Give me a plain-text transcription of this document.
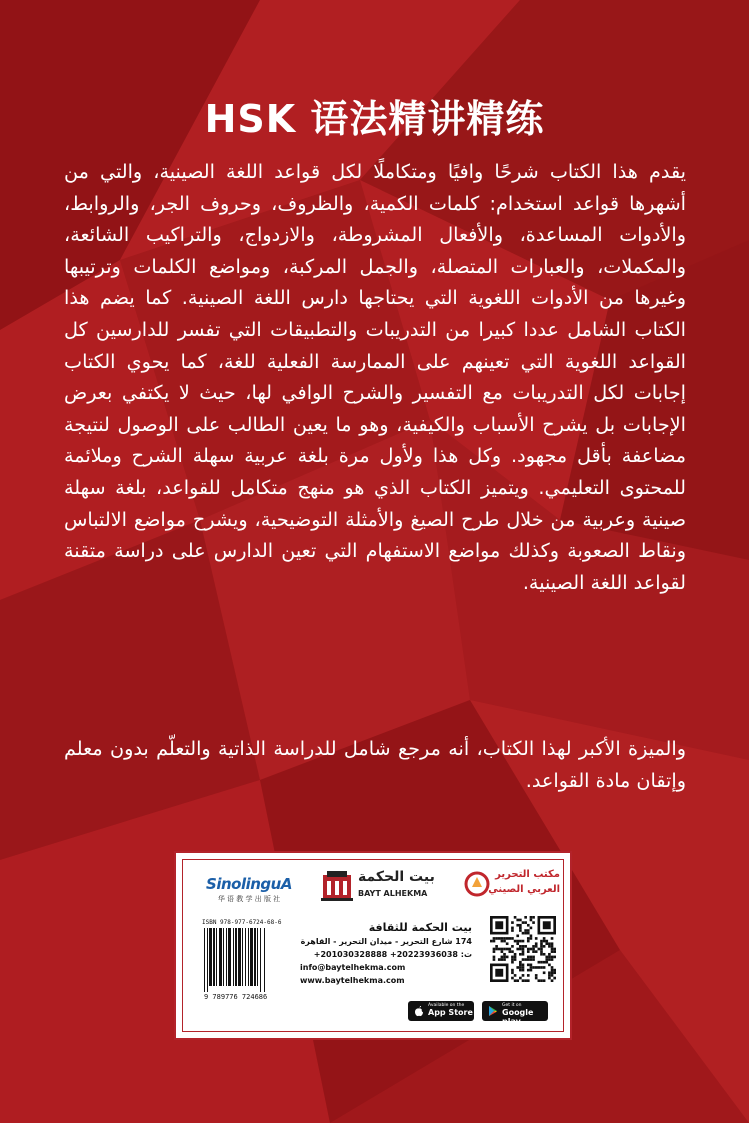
HSK 语法精讲精练
يقدم هذا الكتاب شرحًا وافيًا ومتكاملًا لكل قواعد اللغة الصينية، والتي من أشهرها قواعد استخدام: كلمات الكمية، والظروف، وحروف الجر، والروابط، والأدوات المساعدة، والأفعال المشروطة، والازدواج، والتراكيب الشائعة، والمكملات، والعبارات المتصلة، والجمل المركبة، ومواضع الكلمات وترتيبها وغيرها من الأدوات اللغوية التي يحتاجها دارس اللغة الصينية. كما يضم هذا الكتاب الشامل عددا كبيرا من التدريبات والتطبيقات التي تفسر للدارسين كل القواعد اللغوية التي تعينهم على الممارسة الفعلية للغة، كما يحوي الكتاب إجابات لكل التدريبات مع التفسير والشرح الوافي لها، حيث لا يكتفي بعرض الإجابات بل يشرح الأسباب والكيفية، وهو ما يعين الطالب على الوصول لنتيجة مضاعفة بأقل مجهود. وكل هذا ولأول مرة بلغة عربية سهلة الشرح وملائمة للمحتوى التعليمي. ويتميز الكتاب الذي هو منهج متكامل للقواعد، بلغة سهلة صينية وعربية من خلال طرح الصيغ والأمثلة التوضيحية، ويشرح مواضع الالتباس ونقاط الصعوبة وكذلك مواضع الاستفهام التي تعين الدارس على دراسة متقنة لقواعد اللغة الصينية.
والميزة الأكبر لهذا الكتاب، أنه مرجع شامل للدراسة الذاتية والتعلّم بدون معلم وإتقان مادة القواعد.
SinolinguA
华 语 教 学 出 版 社
بيت الحكمة
BAYT ALHEKMA
مكتب التحرير
العربي الصيني
ISBN 978-977-6724-68-6
9 789776 724686
بيت الحكمة للثقافة
174 شارع التحرير - ميدان التحرير - القاهرة
ت: 20223936038+ 201030328888+
info@baytelhekma.com
www.baytelhekma.com
Available on the
App Store
Get it on
Google play
